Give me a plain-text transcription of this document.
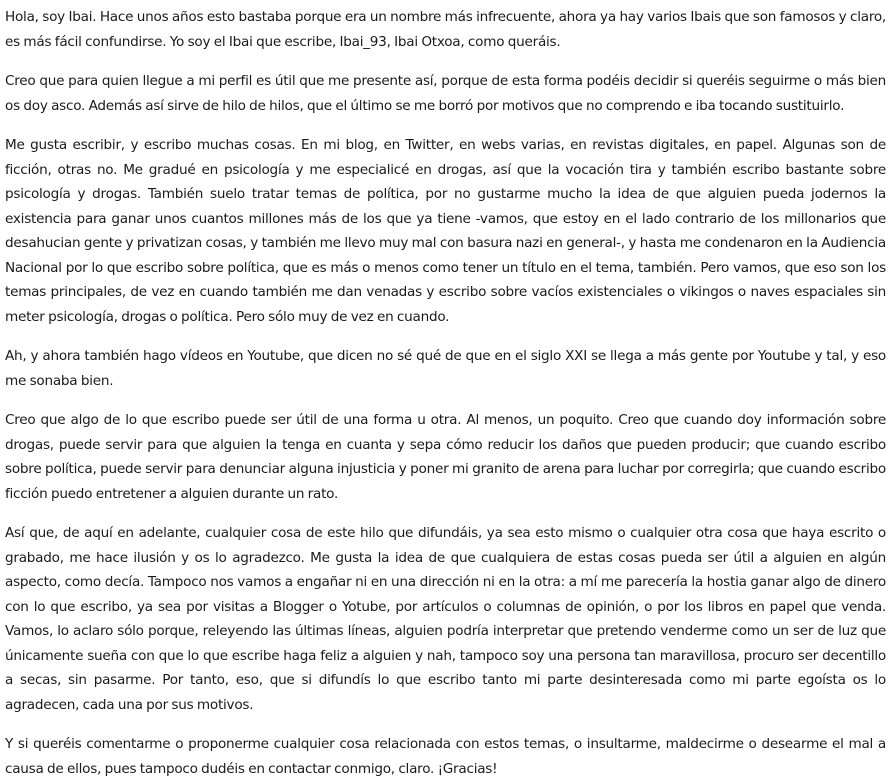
Hola, soy Ibai. Hace unos años esto bastaba porque era un nombre más infrecuente, ahora ya hay varios Ibais que son famosos y claro, es más fácil confundirse. Yo soy el Ibai que escribe, Ibai_93, Ibai Otxoa, como queráis.

Creo que para quien llegue a mi perfil es útil que me presente así, porque de esta forma podéis decidir si queréis seguirme o más bien os doy asco. Además así sirve de hilo de hilos, que el último se me borró por motivos que no comprendo e iba tocando sustituirlo.

Me gusta escribir, y escribo muchas cosas. En mi blog, en Twitter, en webs varias, en revistas digitales, en papel. Algunas son de ficción, otras no. Me gradué en psicología y me especialicé en drogas, así que la vocación tira y también escribo bastante sobre psicología y drogas. También suelo tratar temas de política, por no gustarme mucho la idea de que alguien pueda jodernos la existencia para ganar unos cuantos millones más de los que ya tiene -vamos, que estoy en el lado contrario de los millonarios que desahucian gente y privatizan cosas, y también me llevo muy mal con basura nazi en general-, y hasta me condenaron en la Audiencia Nacional por lo que escribo sobre política, que es más o menos como tener un título en el tema, también. Pero vamos, que eso son los temas principales, de vez en cuando también me dan venadas y escribo sobre vacíos existenciales o vikingos o naves espaciales sin meter psicología, drogas o política. Pero sólo muy de vez en cuando.

Ah, y ahora también hago vídeos en Youtube, que dicen no sé qué de que en el siglo XXI se llega a más gente por Youtube y tal, y eso me sonaba bien.

Creo que algo de lo que escribo puede ser útil de una forma u otra. Al menos, un poquito. Creo que cuando doy información sobre drogas, puede servir para que alguien la tenga en cuanta y sepa cómo reducir los daños que pueden producir; que cuando escribo sobre política, puede servir para denunciar alguna injusticia y poner mi granito de arena para luchar por corregirla; que cuando escribo ficción puedo entretener a alguien durante un rato.

Así que, de aquí en adelante, cualquier cosa de este hilo que difundáis, ya sea esto mismo o cualquier otra cosa que haya escrito o grabado, me hace ilusión y os lo agradezco. Me gusta la idea de que cualquiera de estas cosas pueda ser útil a alguien en algún aspecto, como decía. Tampoco nos vamos a engañar ni en una dirección ni en la otra: a mí me parecería la hostia ganar algo de dinero con lo que escribo, ya sea por visitas a Blogger o Yotube, por artículos o columnas de opinión, o por los libros en papel que venda. Vamos, lo aclaro sólo porque, releyendo las últimas líneas, alguien podría interpretar que pretendo venderme como un ser de luz que únicamente sueña con que lo que escribe haga feliz a alguien y nah, tampoco soy una persona tan maravillosa, procuro ser decentillo a secas, sin pasarme. Por tanto, eso, que si difundís lo que escribo tanto mi parte desinteresada como mi parte egoísta os lo agradecen, cada una por sus motivos.

Y si queréis comentarme o proponerme cualquier cosa relacionada con estos temas, o insultarme, maldecirme o desearme el mal a causa de ellos, pues tampoco dudéis en contactar conmigo, claro. ¡Gracias!
